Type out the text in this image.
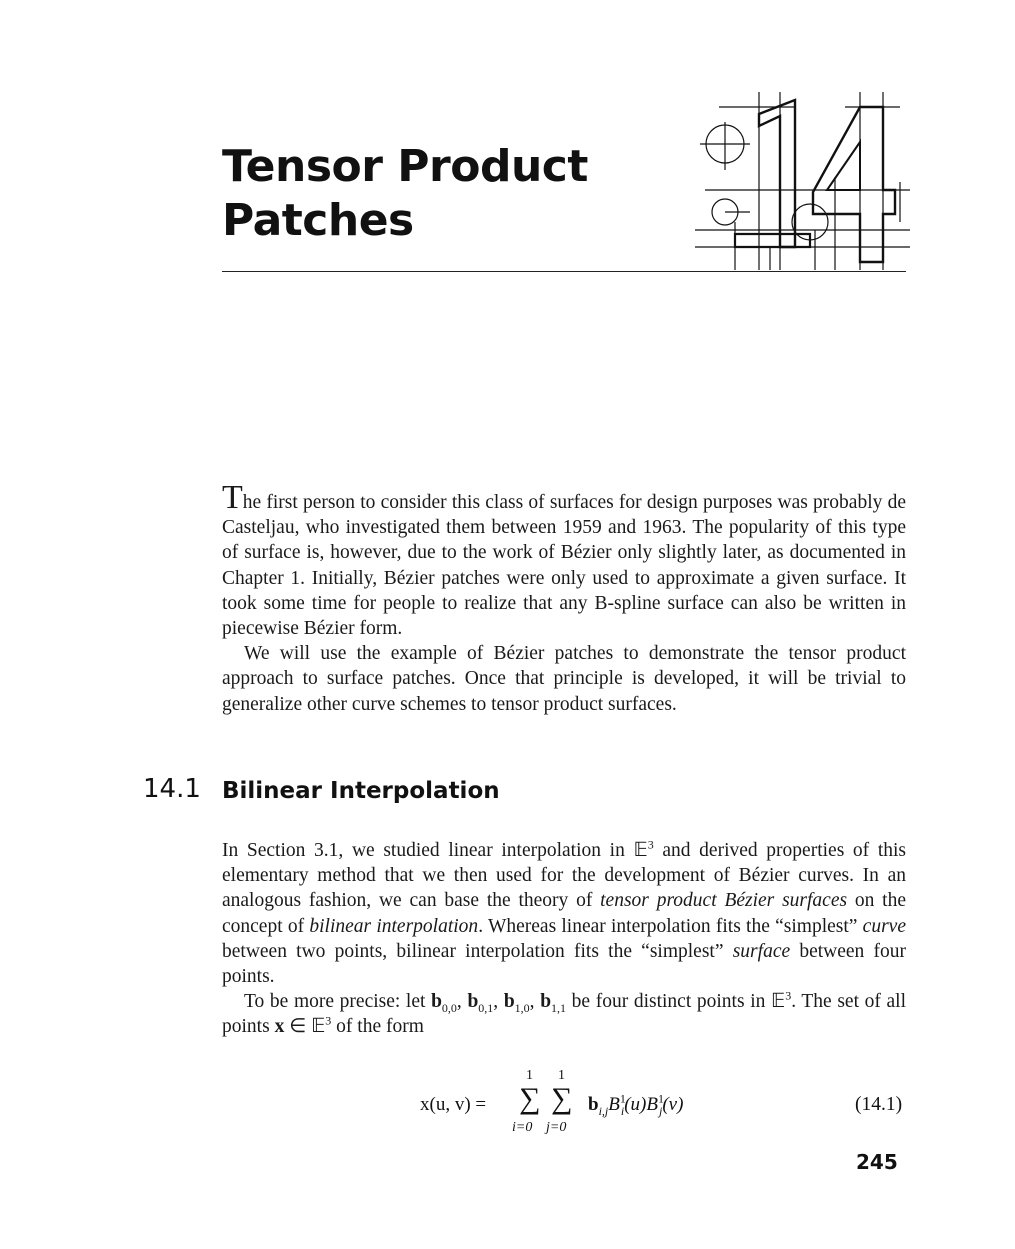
Tensor Product
Patches
14

The first person to consider this class of surfaces for design purposes was probably de Casteljau, who investigated them between 1959 and 1963. The popularity of this type of surface is, however, due to the work of Bézier only slightly later, as documented in Chapter 1. Initially, Bézier patches were only used to approximate a given surface. It took some time for people to realize that any B-spline surface can also be written in piecewise Bézier form.

We will use the example of Bézier patches to demonstrate the tensor product approach to surface patches. Once that principle is developed, it will be trivial to generalize other curve schemes to tensor product surfaces.

14.1 Bilinear Interpolation

In Section 3.1, we studied linear interpolation in 𝔼$^3$ and derived properties of this elementary method that we then used for the development of Bézier curves. In an analogous fashion, we can base the theory of tensor product Bézier surfaces on the concept of bilinear interpolation. Whereas linear interpolation fits the “simplest” curve between two points, bilinear interpolation fits the “simplest” surface between four points.

To be more precise: let $b_{0,0}$, $b_{0,1}$, $b_{1,0}$, $b_{1,1}$ be four distinct points in 𝔼$^3$. The set of all points x ∈ 𝔼$^3$ of the form

x(u, v) =
1 1
∑ ∑
i=0 j=0
$b_{i,j}B^1_i(u)B^1_j(v)$	(14.1)
245
